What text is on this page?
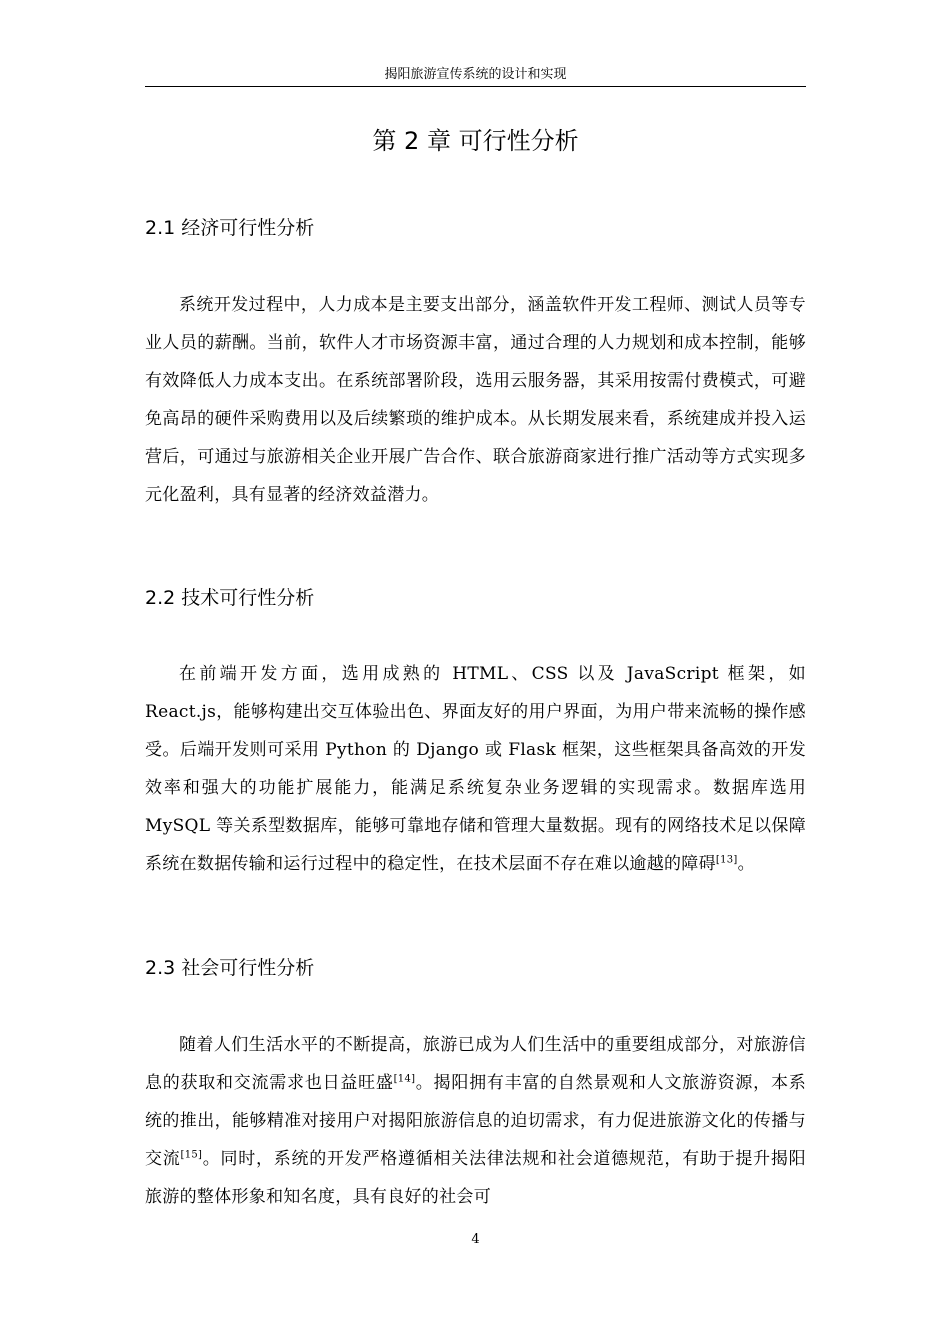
揭阳旅游宣传系统的设计和实现
第 2 章 可行性分析
2.1 经济可行性分析

系统开发过程中，人力成本是主要支出部分，涵盖软件开发工程师、测试人员等专业人员的薪酬。当前，软件人才市场资源丰富，通过合理的人力规划和成本控制，能够有效降低人力成本支出。在系统部署阶段，选用云服务器，其采用按需付费模式，可避免高昂的硬件采购费用以及后续繁琐的维护成本。从长期发展来看，系统建成并投入运营后，可通过与旅游相关企业开展广告合作、联合旅游商家进行推广活动等方式实现多元化盈利，具有显著的经济效益潜力。

2.2 技术可行性分析

在前端开发方面，选用成熟的 HTML、CSS 以及 JavaScript 框架，如 React.js，能够构建出交互体验出色、界面友好的用户界面，为用户带来流畅的操作感受。后端开发则可采用 Python 的 Django 或 Flask 框架，这些框架具备高效的开发效率和强大的功能扩展能力，能满足系统复杂业务逻辑的实现需求。数据库选用 MySQL 等关系型数据库，能够可靠地存储和管理大量数据。现有的网络技术足以保障系统在数据传输和运行过程中的稳定性，在技术层面不存在难以逾越的障碍[13]。

2.3 社会可行性分析

随着人们生活水平的不断提高，旅游已成为人们生活中的重要组成部分，对旅游信息的获取和交流需求也日益旺盛[14]。揭阳拥有丰富的自然景观和人文旅游资源，本系统的推出，能够精准对接用户对揭阳旅游信息的迫切需求，有力促进旅游文化的传播与交流[15]。同时，系统的开发严格遵循相关法律法规和社会道德规范，有助于提升揭阳旅游的整体形象和知名度，具有良好的社会可

4
